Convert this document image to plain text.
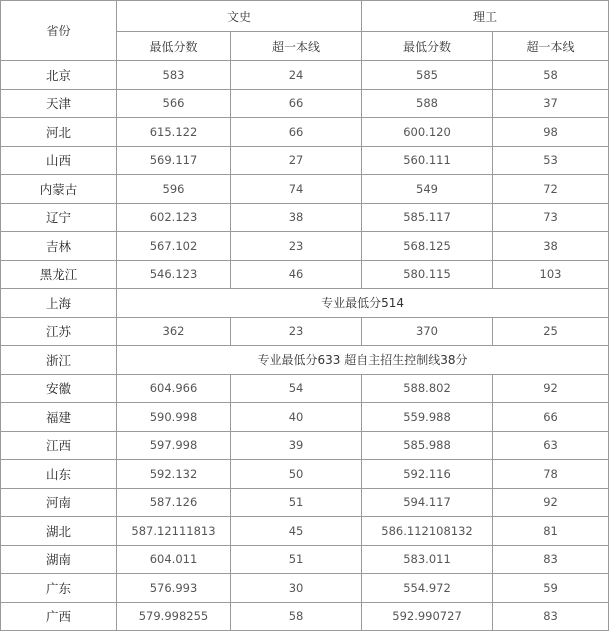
省份	文史		理工	
	最低分数	超一本线	最低分数	超一本线
北京	583	24	585	58
天津	566	66	588	37
河北	615.122	66	600.120	98
山西	569.117	27	560.111	53
内蒙古	596	74	549	72
辽宁	602.123	38	585.117	73
吉林	567.102	23	568.125	38
黑龙江	546.123	46	580.115	103
上海	专业最低分514			
江苏	362	23	370	25
浙江	专业最低分633 超自主招生控制线38分			
安徽	604.966	54	588.802	92
福建	590.998	40	559.988	66
江西	597.998	39	585.988	63
山东	592.132	50	592.116	78
河南	587.126	51	594.117	92
湖北	587.12111813	45	586.112108132	81
湖南	604.011	51	583.011	83
广东	576.993	30	554.972	59
广西	579.998255	58	592.990727	83
